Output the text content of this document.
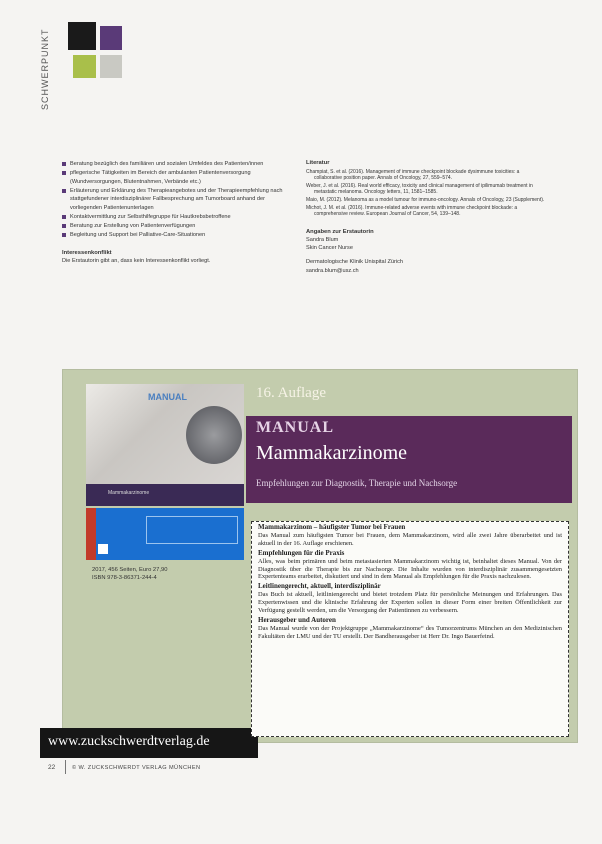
SCHWERPUNKT
Beratung bezüglich des familiären und sozialen Umfeldes des Patienten/innen
pflegerische Tätigkeiten im Bereich der ambulanten Patientenversorgung (Wundversorgungen, Blutentnahmen, Verbände etc.)
Erläuterung und Erklärung des Therapieangebotes und der Therapieempfehlung nach stattgefundener interdisziplinärer Fallbesprechung am Tumorboard anhand der vorliegenden Patientenunterlagen
Kontaktvermittlung zur Selbsthilfegruppe für Hautkrebsbetroffene
Beratung zur Erstellung von Patientenverfügungen
Begleitung und Support bei Palliative-Care-Situationen
Interessenkonflikt
Die Erstautorin gibt an, dass kein Interessenkonflikt vorliegt.
Literatur

Champiat, S. et al. (2016). Management of immune checkpoint blockade dysimmune toxicities: a collaborative position paper. Annals of Oncology, 27, 559–574.

Weber, J. et al. (2016). Real world efficacy, toxicity and clinical management of ipilimumab treatment in metastatic melanoma. Oncology letters, 11, 1581–1585.

Maio, M. (2012). Melanoma as a model tumour for immuno-oncology. Annals of Oncology, 23 (Supplement).

Michot, J. M. et al. (2016). Immune-related adverse events with immune checkpoint blockade: a comprehensive review. European Journal of Cancer, 54, 139–148.

Angaben zur Erstautorin
Sandra Blum
Skin Cancer Nurse
Dermatologische Klinik Unispital Zürich
sandra.blum@usz.ch
16. Auflage
MANUAL
Mammakarzinome
Empfehlungen zur Diagnostik, Therapie und Nachsorge
MANUAL
Mammakarzinome
2017, 456 Seiten, Euro 27,90
ISBN 978-3-86371-244-4
www.zuckschwerdtverlag.de

Mammakarzinom – häufigster Tumor bei Frauen
Das Manual zum häufigsten Tumor bei Frauen, dem Mammakarzinom, wird alle zwei Jahre überarbeitet und ist aktuell in der 16. Auflage erschienen.

Empfehlungen für die Praxis
Alles, was beim primären und beim metastasierten Mammakarzinom wichtig ist, beinhaltet dieses Manual. Von der Diagnostik über die Therapie bis zur Nachsorge. Die Inhalte wurden von interdisziplinär zusammengesetzten Expertenteams erarbeitet, diskutiert und sind in dem Manual als Empfehlungen für die Praxis nachzulesen.

Leitlinengerecht, aktuell, interdisziplinär
Das Buch ist aktuell, leitliniengerecht und bietet trotzdem Platz für persönliche Meinungen und Erfahrungen. Das Expertenwissen und die klinische Erfahrung der Experten sollen in dieser Form einer breiten Öffentlichkeit zur Verfügung gestellt werden, um die Versorgung der Patientinnen zu verbessern.

Herausgeber und Autoren
Das Manual wurde von der Projektgruppe „Mammakarzinome“ des Tumorzentrums München an den Medizinischen Fakultäten der LMU und der TU erstellt. Der Bandherausgeber ist Herr Dr. Ingo Bauerfeind.

22	© W. ZUCKSCHWERDT VERLAG MÜNCHEN
